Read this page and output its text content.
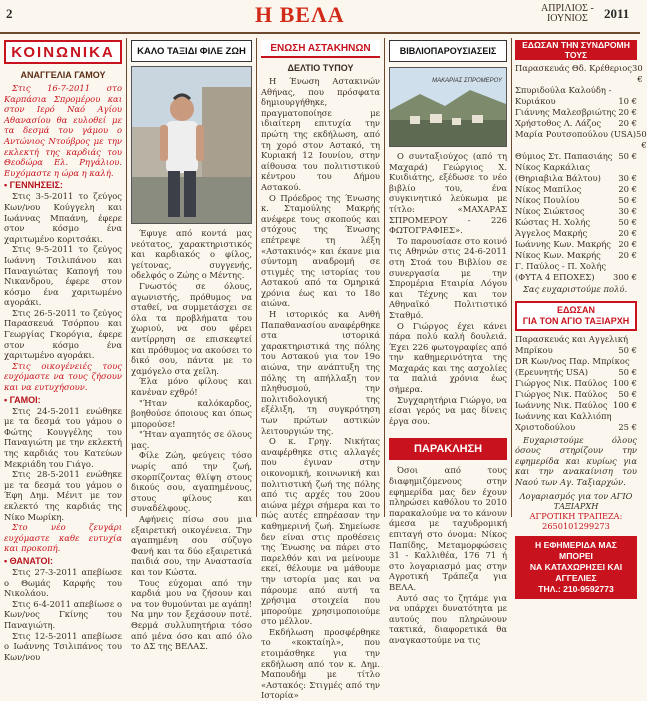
2	Η ΒΕΛΑ	ΑΠΡΙΛΙΟΣ -
ΙΟΥΝΙΟΣ	2011
ΚΟΙΝΩΝΙΚΑ
ΑΝΑΓΓΕΛΙΑ ΓΑΜΟΥ

Στις 16-7-2011 στο Καρπάσια Σπρομέρου και στον Ιερό Ναό Αγίου Αθανασίου θα ευλοθεί με τα δεσμά του γάμου ο Αντώνιος Ντούβρος με την εκλεκτή της καρδιάς του Θεοδώρα Ελ. Ρηγάλιου. Ευχόμαστε η ώρα η καλή.

• ΓΕΝΝΗΣΕΙΣ:

Στις 3-5-2011 το ζεύγος Κων/νου Κούγγελη και Ιωάννας Μπαάνη, έφερε στον κόσμο ένα χαριτωμένο κοριτσάκι.

Στις 9-5-2011 το ζεύγος Ιωάννη Τσιλιπάνου και Παναγιώτας Καπογή του Νικανδρου, έφερε στον κόσμο ένα χαριτωμένο αγοράκι.

Στις 26-5-2011 το ζεύγος Παρασκευά Τσόρπου και Γεωργίας Γκορόγια, έφερε στον κόσμο ένα χαριτωμένο αγοράκι.

Στις οικογένειές τους ευχόμαστε να τους ζήσουν και να ευτυχήσουν.

• ΓΑΜΟΙ:

Στις 24-5-2011 ενώθηκε με τα δεσμά του γάμου ο Φώτης Κουγγέλης του Παναγιώτη με την εκλεκτή της καρδιάς του Κατεύων Μεκριάδη του Γιάγο.

Στις 28-5-2011 ενώθηκε με τα δεσμά του γάμου ο Έφη Δημ. Μένιτ με τον εκλεκτό της καρδιάς της Νίκο Μωρίκη.

Στο νέο ζευγάρι ευχόμαστε καθε ευτυχία και προκοπή.

• ΘΑΝΑΤΟΙ:

Στις 27-3-2011 απεβίωσε ο Θωμάς Καρφής του Νικολάου.

Στις 6-4-2011 απεβίωσε ο Κων/νος Γκίνης του Παναγιώτη.

Στις 12-5-2011 απεβίωσε ο Ιωάννης Τσιλιπάνος του Κων/νου

ΚΑΛΟ ΤΑΞΙΔΙ ΦΙΛΕ ΖΩΗ

Έφυγε από κοντά μας νεότατος, χαρακτηριστικός και καρδιακός ο φίλος, γείτονας, συγγενής, οδελφός ο Ζώης ο Μέντης.

Γνωστός σε όλους, αγωνιστής, πρόθυμος να σταθεί, να συμμετάσχει σε όλα τα προβλήματα του χωριού, να σου φέρει αντίρρηση σε επισκεφτεί και πρόθυμος να ακούσει το δικό σου, πάντα με το χαμόγελο στα χείλη.

Έλα μόνο φίλους και κανέναν εχθρό!

"Ήταν καλόκαρδος, βοηθούσε όποιους και όπως μπορούσε!

"Ήταν αγαπητός σε όλους μας.

Φίλε Ζώη, φεύγεις τόσο νωρίς από την ζωή, σκορπίζοντας θλίψη στους δικούς σου, αγαπημένους, στους φίλους και συναδέλφους.

Αφήνεις πίσω σου μια εξαιρετική οικογένεια. Την αγαπημένη σου σύζυγο Φανή και τα δύο εξαιρετικά παιδιά σου, την Αναστασία και τον Κώστα.

Τους εύχομαι από την καρδιά μου να ζήσουν και να τον θυμούνται με αγάπη! Να μην τον ξεχάσουν ποτέ. Θερμά συλλυπητήρια τόσο από μένα όσο και από όλο το ΔΣ της ΒΕΛΑΣ.

ΕΝΩΣΗ ΑΣΤΑΚΗΝΩΝ
ΔΕΛΤΙΟ ΤΥΠΟΥ

Η Ένωση Αστακινών Αθήνας, που πρόσφατα δημιουργήθηκε, πραγματοποίησε με ιδιαίτερη επιτυχία την πρώτη της εκδήλωση, από τη χορό στον Αστακό, τη Κυριακή 12 Ιουνίου, στην αίθουσα του πολιτιστικού κέντρου του Δήμου Αστακού.

Ο Πρόεδρος της Ένωσης κ. Σταμούλης Μακρής ανέφερε τους σκοπούς και στόχους της Ένωσης επέτρεψε τη λέξη «Αστακινός» και έκανε μια σύντομη αναδρομή σε στιγμές της ιστορίας του Αστακού από τα Ομηρικά χρόνια έως και το 18ο αιώνα.

Η ιστορικός κα Ανθή Παπαθανασίου αναφέρθηκε στα ιστορικά χαρακτηριστικά της πόλης του Αστακού για τον 19ο αιώνα, την ανάπτυξη της πόλης τη απήλλαξη τον πληθυσμού, την πολιτιδολογική της εξέλιξη, τη συγκρότηση των πρώτων αστικών λειτουργιών της.

Ο κ. Γρηγ. Νικήτας αναφέρθηκε στις αλλαγές που έγιναν στην οικονομική, κοινωνική και πολιτιστική ζωή της πόλης από τις αρχές του 20ου αιώνα μέχρι σήμερα και το πώς αυτές επηρέασαν την καθημερινή ζωή. Σημείωσε δεν είναι στις προθέσεις της Ένωσης να πάρει στο παρελθόν και να μείνουμε εκεί, θέλουμε να μάθουμε την ιστορία μας και να πάρουμε από αυτή τα χρήσιμα στοιχεία που μπορούμε χρησιμοποιούμε στο μέλλον.

Εκδήλωση προσφέρθηκε το «κοκταίηλ», που ετοιμάσθηκε για την εκδήλωση από τον κ. Δημ. Μαπουδήμ με τίτλο «Αστακός: Στιγμές από την Ιστορία»

ΒΙΒΛΙΟΠΑΡΟΥΣΙΑΣΕΙΣ
ΜΑΚΑΡΙΑΣ ΣΠΡΟΜΕΡΟΥ

Ο συνταξιούχος (από τη Μαχαρά) Γεώργιος Χ. Κυιδιάτης, εξέδωσε το νέο βιβλίο του, ένα συγκινητικό λεύκωμα με τίτλο: «ΜΑΧΑΡΑΣ ΣΠΡΟΜΕΡΟΥ - 226 ΦΩΤΟΓΡΑΦΙΕΣ».

Το παρουσίασε στο κοινό τις Αθηνών στις 24-6-2011 στη Στοά του Βιβλίου σε συνεργασία με την Σπρομέρια Εταιρία Λόγου και Τέχνης και τον Αθηναϊκό Πολιτιστικό Σταθμό.

Ο Γιώργος έχει κάνει πάρα πολύ καλή δουλειά. Έχει 226 φωτογραφίες από την καθημερινότητα της Μαχαράς και της ασχολίες τα παλιά χρόνια έως σήμερα.

Συγχαρητήρια Γιώργο, να είσαι γερός να μας δίνεις έργα σου.

ΠΑΡΑΚΛΗΣΗ

Όσοι από τους διαφημιζόμενους στην εφημερίδα μας δεν έχουν πληρώσει καθόλου το 2010 παρακαλούμε να το κάνουν άμεσα με ταχυδρομική επιταγή στο όνομα: Νίκος Παπίδης, Μεταμορφώσεις 31 - Καλλιθέα, 176 71 ή στο λογαριασμό μας στην Αγροτική Τράπεζα για ΒΕΛΑ.

Αυτό σας το ζητάμε για να υπάρχει δυνατότητα με αυτούς που πληρώνουν τακτικά, διαφορετικά θα αναγκαστούμε να τις

ΕΔΩΣΑΝ ΤΗΝ ΣΥΝΔΡΟΜΗ ΤΟΥΣ
Παρασκευάς Θδ. Κρέθεριος 30 €
Σπυριδούλα Καλούδη -
Κυριάκου	10 €
Γιάννης Μαλεσβριώτης 20 €
Χρήστοθος Λ. Λάζος	20 €
Μαρία Ρουτσοπούλου (USA) 50 €
Θύμιος Στ. Παπασιάης 50 €
Νίκος Καρκάλιας
(Θηριαβιλα Βάλτου)	30 €
Νίκος Μαπίλος	20 €
Νίκος Πουλίου	50 €
Νίκος Σιώκτσος	30 €
Κώστας Η. Χολής	50 €
Άγγελος Μακρής	20 €
Ιωάννης Κων. Μακρής 20 €
Νίκος Κων. Μακρής	20 €
Γ. Παύλος - Π. Χολής
(ΦΥΤΑ 4 ΕΠΟΧΕΣ)	300 €

Σας ευχαριστούμε πολύ.

ΕΔΩΣΑΝ
ΓΙΑ ΤΟΝ ΑΓΙΟ ΤΑΞΙΑΡΧΗ
Παρασκευάς και Αγγελική
Μπρίκου	50 €
DR Κων/νος Παρ. Μπρίκος
(Ερευνητής USA)	50 €
Γιώργος Νικ. Παύλος 100 €
Γιώργος Νικ. Παύλος	50 €
Ιωάννης Νικ. Παύλος 100 €
Ιωάννης και Καλλιόπη
Χριστοδούλου	25 €

Ευχαριστούμε όλους όσους στηρίζουν την εφημερίδα και κυρίως για και την ανακαίνιση του Ναού των Αγ. Ταξιαρχών.

Λογαριασμός για τον ΑΓΙΟ ΤΑΞΙΑΡΧΗ
ΑΓΡΟΤΙΚΗ ΤΡΑΠΕΖΑ:
2650101299273
Η ΕΦΗΜΕΡΙΔΑ ΜΑΣ ΜΠΟΡΕΙ
ΝΑ ΚΑΤΑΧΩΡΗΣΕΙ ΚΑΙ ΑΓΓΕΛΙΕΣ
ΤΗΛ.: 210-9592773
